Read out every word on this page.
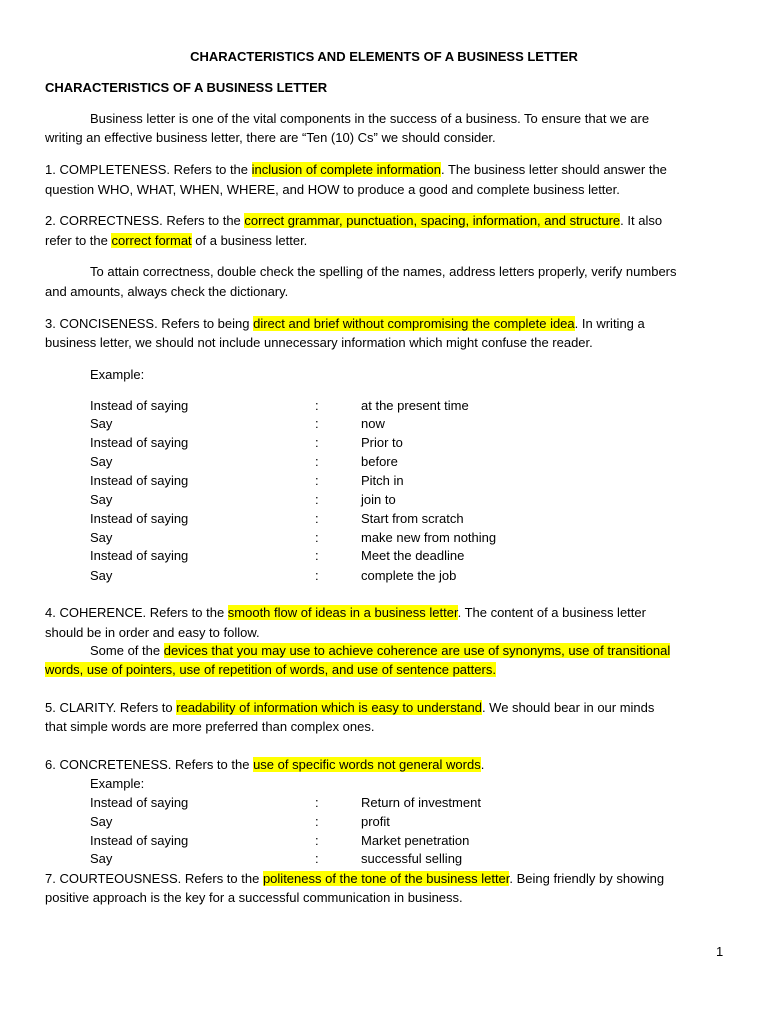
CHARACTERISTICS AND ELEMENTS OF A BUSINESS LETTER
CHARACTERISTICS OF A BUSINESS LETTER
Business letter is one of the vital components in the success of a business. To ensure that we are
writing an effective business letter, there are “Ten (10) Cs” we should consider.
1. COMPLETENESS. Refers to the inclusion of complete information. The business letter should answer the
question WHO, WHAT, WHEN, WHERE, and HOW to produce a good and complete business letter.
2. CORRECTNESS. Refers to the correct grammar, punctuation, spacing, information, and structure. It also
refer to the correct format of a business letter.
To attain correctness, double check the spelling of the names, address letters properly, verify numbers
and amounts, always check the dictionary.
3. CONCISENESS. Refers to being direct and brief without compromising the complete idea. In writing a
business letter, we should not include unnecessary information which might confuse the reader.
Example:
Instead of saying	:	at the present time
Say	:	now
Instead of saying	:	Prior to
Say	:	before
Instead of saying	:	Pitch in
Say	:	join to
Instead of saying	:	Start from scratch
Say	:	make new from nothing
Instead of saying	:	Meet the deadline
Say	:	complete the job
4. COHERENCE. Refers to the smooth flow of ideas in a business letter. The content of a business letter
should be in order and easy to follow.
Some of the devices that you may use to achieve coherence are use of synonyms, use of transitional
words, use of pointers, use of repetition of words, and use of sentence patters.
5. CLARITY. Refers to readability of information which is easy to understand. We should bear in our minds
that simple words are more preferred than complex ones.
6. CONCRETENESS. Refers to the use of specific words not general words.
Example:
Instead of saying	:	Return of investment
Say	:	profit
Instead of saying	:	Market penetration
Say	:	successful selling
7. COURTEOUSNESS. Refers to the politeness of the tone of the business letter. Being friendly by showing
positive approach is the key for a successful communication in business.
1
